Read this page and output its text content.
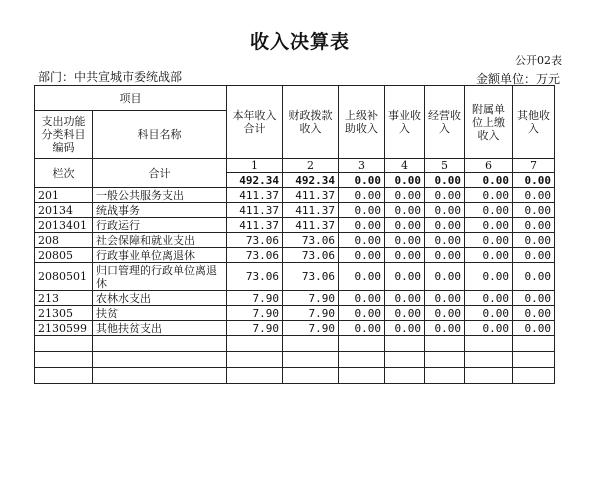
收入决算表
公开02表
部门：中共宣城市委统战部	金额单位：万元
项目		本年收入合计	财政拨款收入	上级补助收入	事业收入	经营收入	附属单位上缴收入	其他收入
支出功能分类科目编码	科目名称							
栏次	合计	1	2	3	4	5	6	7
		492.34	492.34	0.00	0.00	0.00	0.00	0.00
201	一般公共服务支出	411.37	411.37	0.00	0.00	0.00	0.00	0.00
20134	统战事务	411.37	411.37	0.00	0.00	0.00	0.00	0.00
2013401	行政运行	411.37	411.37	0.00	0.00	0.00	0.00	0.00
208	社会保障和就业支出	73.06	73.06	0.00	0.00	0.00	0.00	0.00
20805	行政事业单位离退休	73.06	73.06	0.00	0.00	0.00	0.00	0.00
2080501	归口管理的行政单位离退休	73.06	73.06	0.00	0.00	0.00	0.00	0.00
213	农林水支出	7.90	7.90	0.00	0.00	0.00	0.00	0.00
21305	扶贫	7.90	7.90	0.00	0.00	0.00	0.00	0.00
2130599	其他扶贫支出	7.90	7.90	0.00	0.00	0.00	0.00	0.00
